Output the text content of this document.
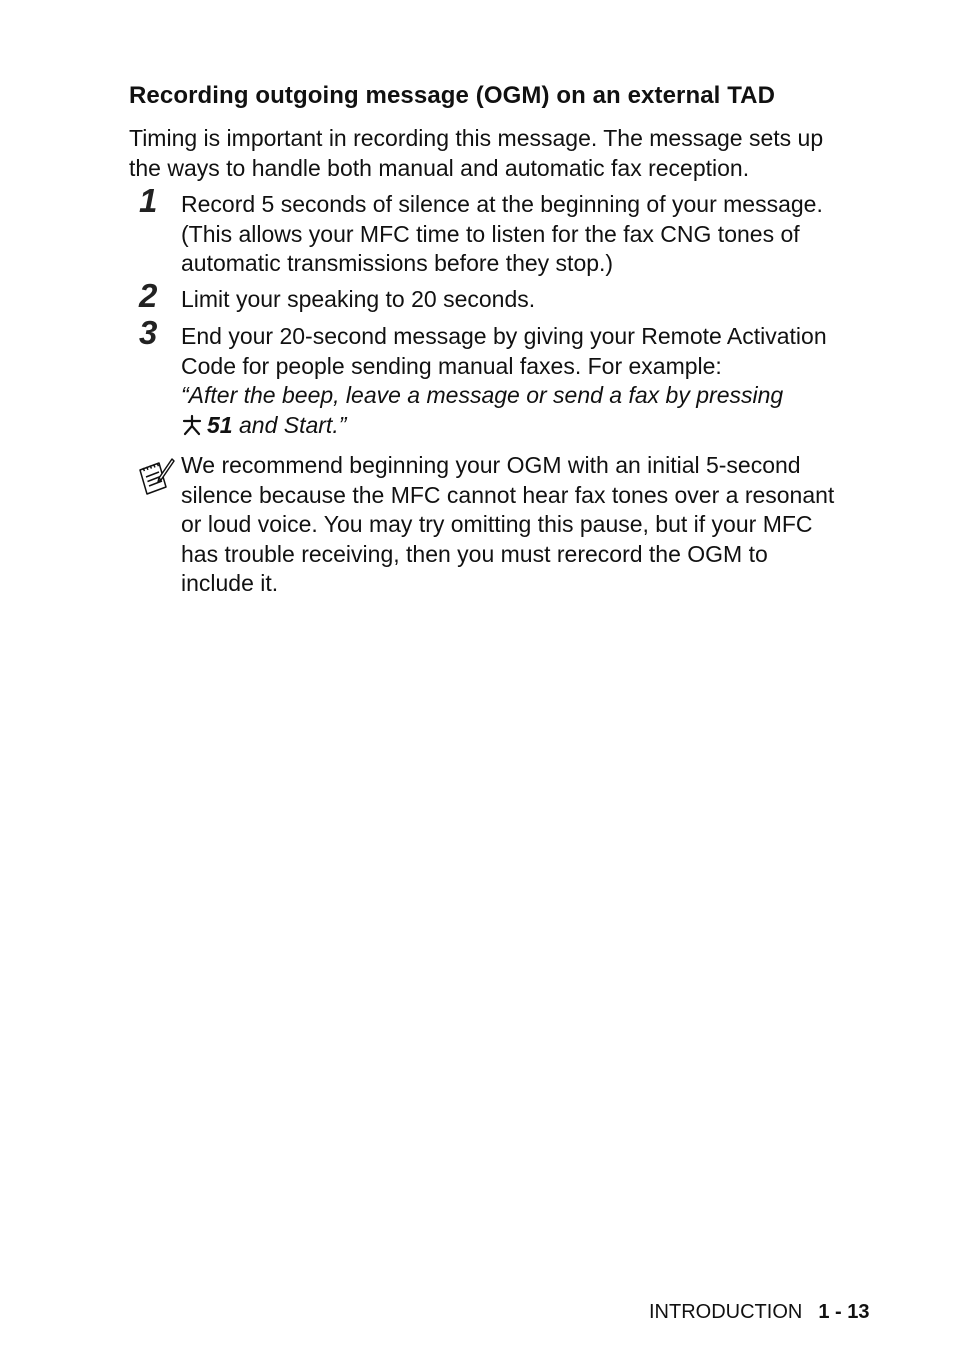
Recording outgoing message (OGM) on an external TAD
Timing is important in recording this message. The message sets up
the ways to handle both manual and automatic fax reception.
1 Record 5 seconds of silence at the beginning of your message.
(This allows your MFC time to listen for the fax CNG tones of
automatic transmissions before they stop.)
2 Limit your speaking to 20 seconds.
3 End your 20-second message by giving your Remote Activation
Code for people sending manual faxes. For example:
“After the beep, leave a message or send a fax by pressing
51 and Start.”
We recommend beginning your OGM with an initial 5-second
silence because the MFC cannot hear fax tones over a resonant
or loud voice. You may try omitting this pause, but if your MFC
has trouble receiving, then you must rerecord the OGM to
include it.
INTRODUCTION 1 - 13
